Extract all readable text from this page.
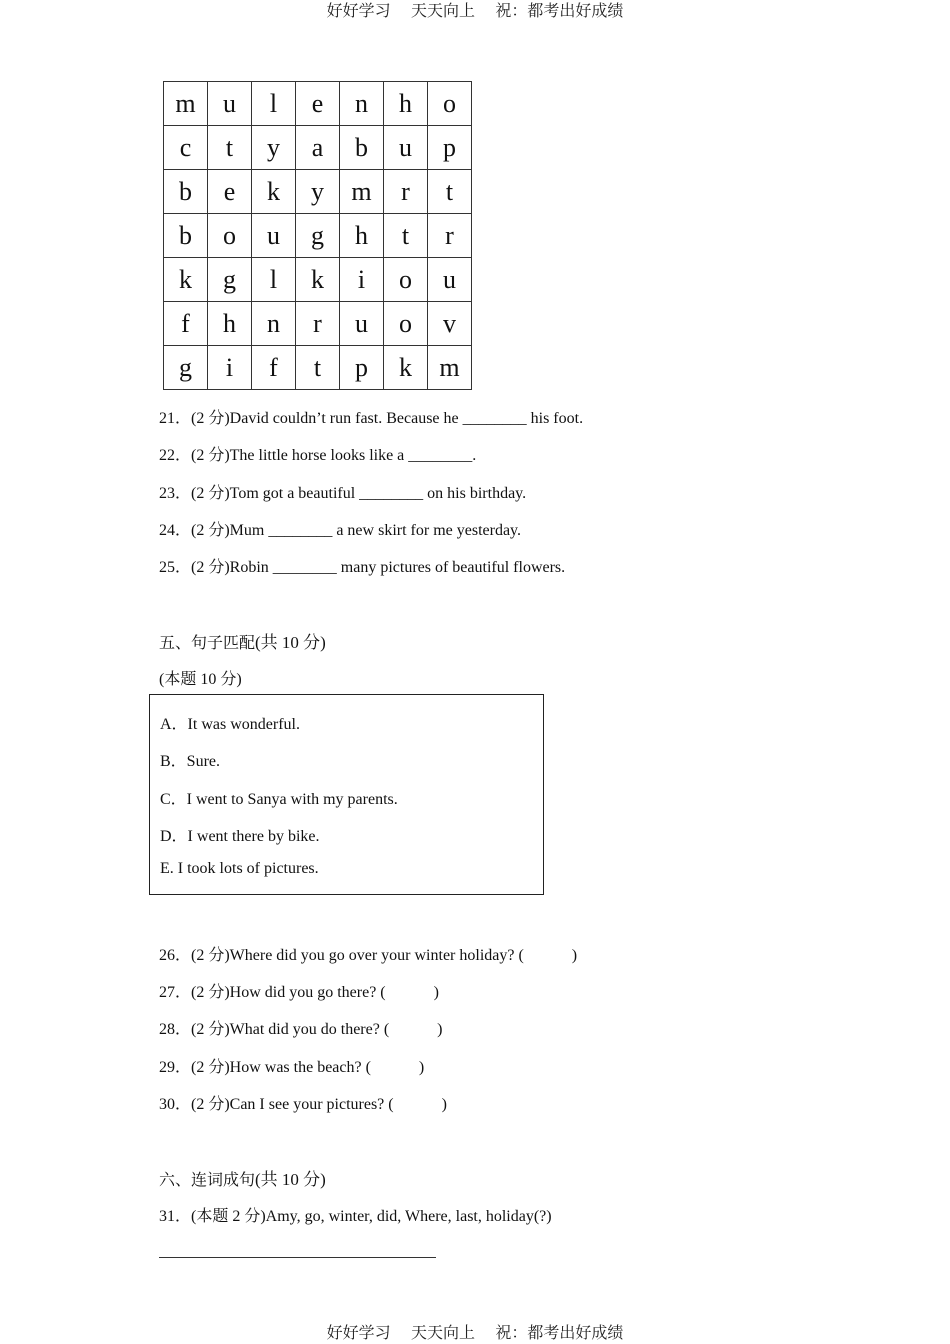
好好学习    天天向上    祝：都考出好成绩
m	u	l	e	n	h	o
c	t	y	a	b	u	p
b	e	k	y	m	r	t
b	o	u	g	h	t	r
k	g	l	k	i	o	u
f	h	n	r	u	o	v
g	i	f	t	p	k	m
21．(2 分)David couldn’t run fast. Because he ________ his foot.
22．(2 分)The little horse looks like a ________.
23．(2 分)Tom got a beautiful ________ on his birthday.
24．(2 分)Mum ________ a new skirt for me yesterday.
25．(2 分)Robin ________ many pictures of beautiful flowers.
五、句子匹配(共 10 分)
(本题 10 分)
A．It was wonderful.
B．Sure.
C．I went to Sanya with my parents.
D．I went there by bike.
E. I took lots of pictures.
26．(2 分)Where did you go over your winter holiday? (            )
27．(2 分)How did you go there? (            )
28．(2 分)What did you do there? (            )
29．(2 分)How was the beach? (            )
30．(2 分)Can I see your pictures? (            )
六、连词成句(共 10 分)
31．(本题 2 分)Amy, go, winter, did, Where, last, holiday(?)
好好学习    天天向上    祝：都考出好成绩
